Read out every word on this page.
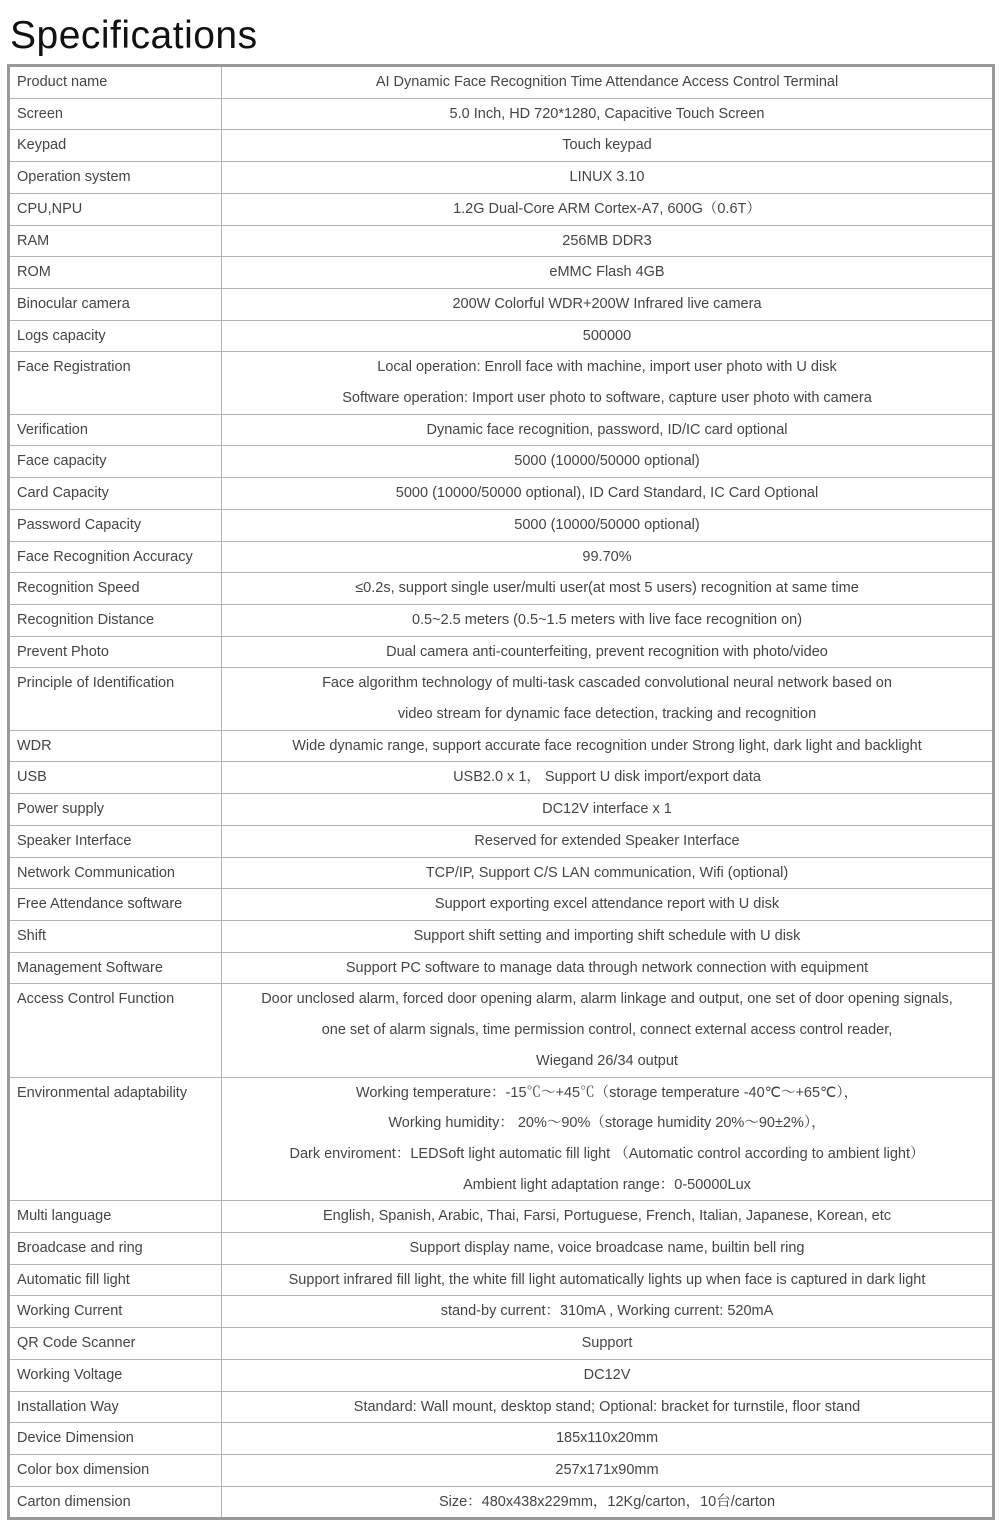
Specifications
Product name	AI Dynamic Face Recognition Time Attendance Access Control Terminal

Screen	5.0 Inch, HD 720*1280, Capacitive Touch Screen

Keypad	Touch keypad

Operation system	LINUX 3.10

CPU,NPU	1.2G Dual-Core ARM Cortex-A7, 600G（0.6T）

RAM	256MB DDR3

ROM	eMMC Flash 4GB

Binocular camera	200W Colorful WDR+200W Infrared live camera

Logs capacity	500000

Face Registration	Local operation: Enroll face with machine, import user photo with U disk
Software operation: Import user photo to software, capture user photo with camera

Verification	Dynamic face recognition, password, ID/IC card optional

Face capacity	5000 (10000/50000 optional)

Card Capacity	5000 (10000/50000 optional), ID Card Standard, IC Card Optional

Password Capacity	5000 (10000/50000 optional)

Face Recognition Accuracy	99.70%

Recognition Speed	≤0.2s, support single user/multi user(at most 5 users) recognition at same time

Recognition Distance	0.5~2.5 meters (0.5~1.5 meters with live face recognition on)

Prevent Photo	Dual camera anti-counterfeiting, prevent recognition with photo/video

Principle of Identification	Face algorithm technology of multi-task cascaded convolutional neural network based on
video stream for dynamic face detection, tracking and recognition

WDR	Wide dynamic range, support accurate face recognition under Strong light, dark light and backlight

USB	USB2.0 x 1， Support U disk import/export data

Power supply	DC12V interface x 1

Speaker Interface	Reserved for extended Speaker Interface

Network Communication	TCP/IP, Support C/S LAN communication, Wifi (optional)

Free Attendance software	Support exporting excel attendance report with U disk

Shift	Support shift setting and importing shift schedule with U disk

Management Software	Support PC software to manage data through network connection with equipment

Access Control Function	Door unclosed alarm, forced door opening alarm, alarm linkage and output, one set of door opening signals,
one set of alarm signals, time permission control, connect external access control reader,
Wiegand 26/34 output

Environmental adaptability	Working temperature：-15℃～+45℃（storage temperature -40℃～+65℃），
Working humidity： 20%～90%（storage humidity 20%～90±2%），
Dark enviroment：LEDSoft light automatic fill light （Automatic control according to ambient light）
Ambient light adaptation range：0-50000Lux

Multi language	English, Spanish, Arabic, Thai, Farsi, Portuguese, French, Italian, Japanese, Korean, etc

Broadcase and ring	Support display name, voice broadcase name, builtin bell ring

Automatic fill light	Support infrared fill light, the white fill light automatically lights up when face is captured in dark light

Working Current	stand-by current：310mA , Working current: 520mA

QR Code Scanner	Support

Working Voltage	DC12V

Installation Way	Standard: Wall mount, desktop stand; Optional: bracket for turnstile, floor stand

Device Dimension	185x110x20mm

Color box dimension	257x171x90mm

Carton dimension	Size：480x438x229mm，12Kg/carton，10台/carton
